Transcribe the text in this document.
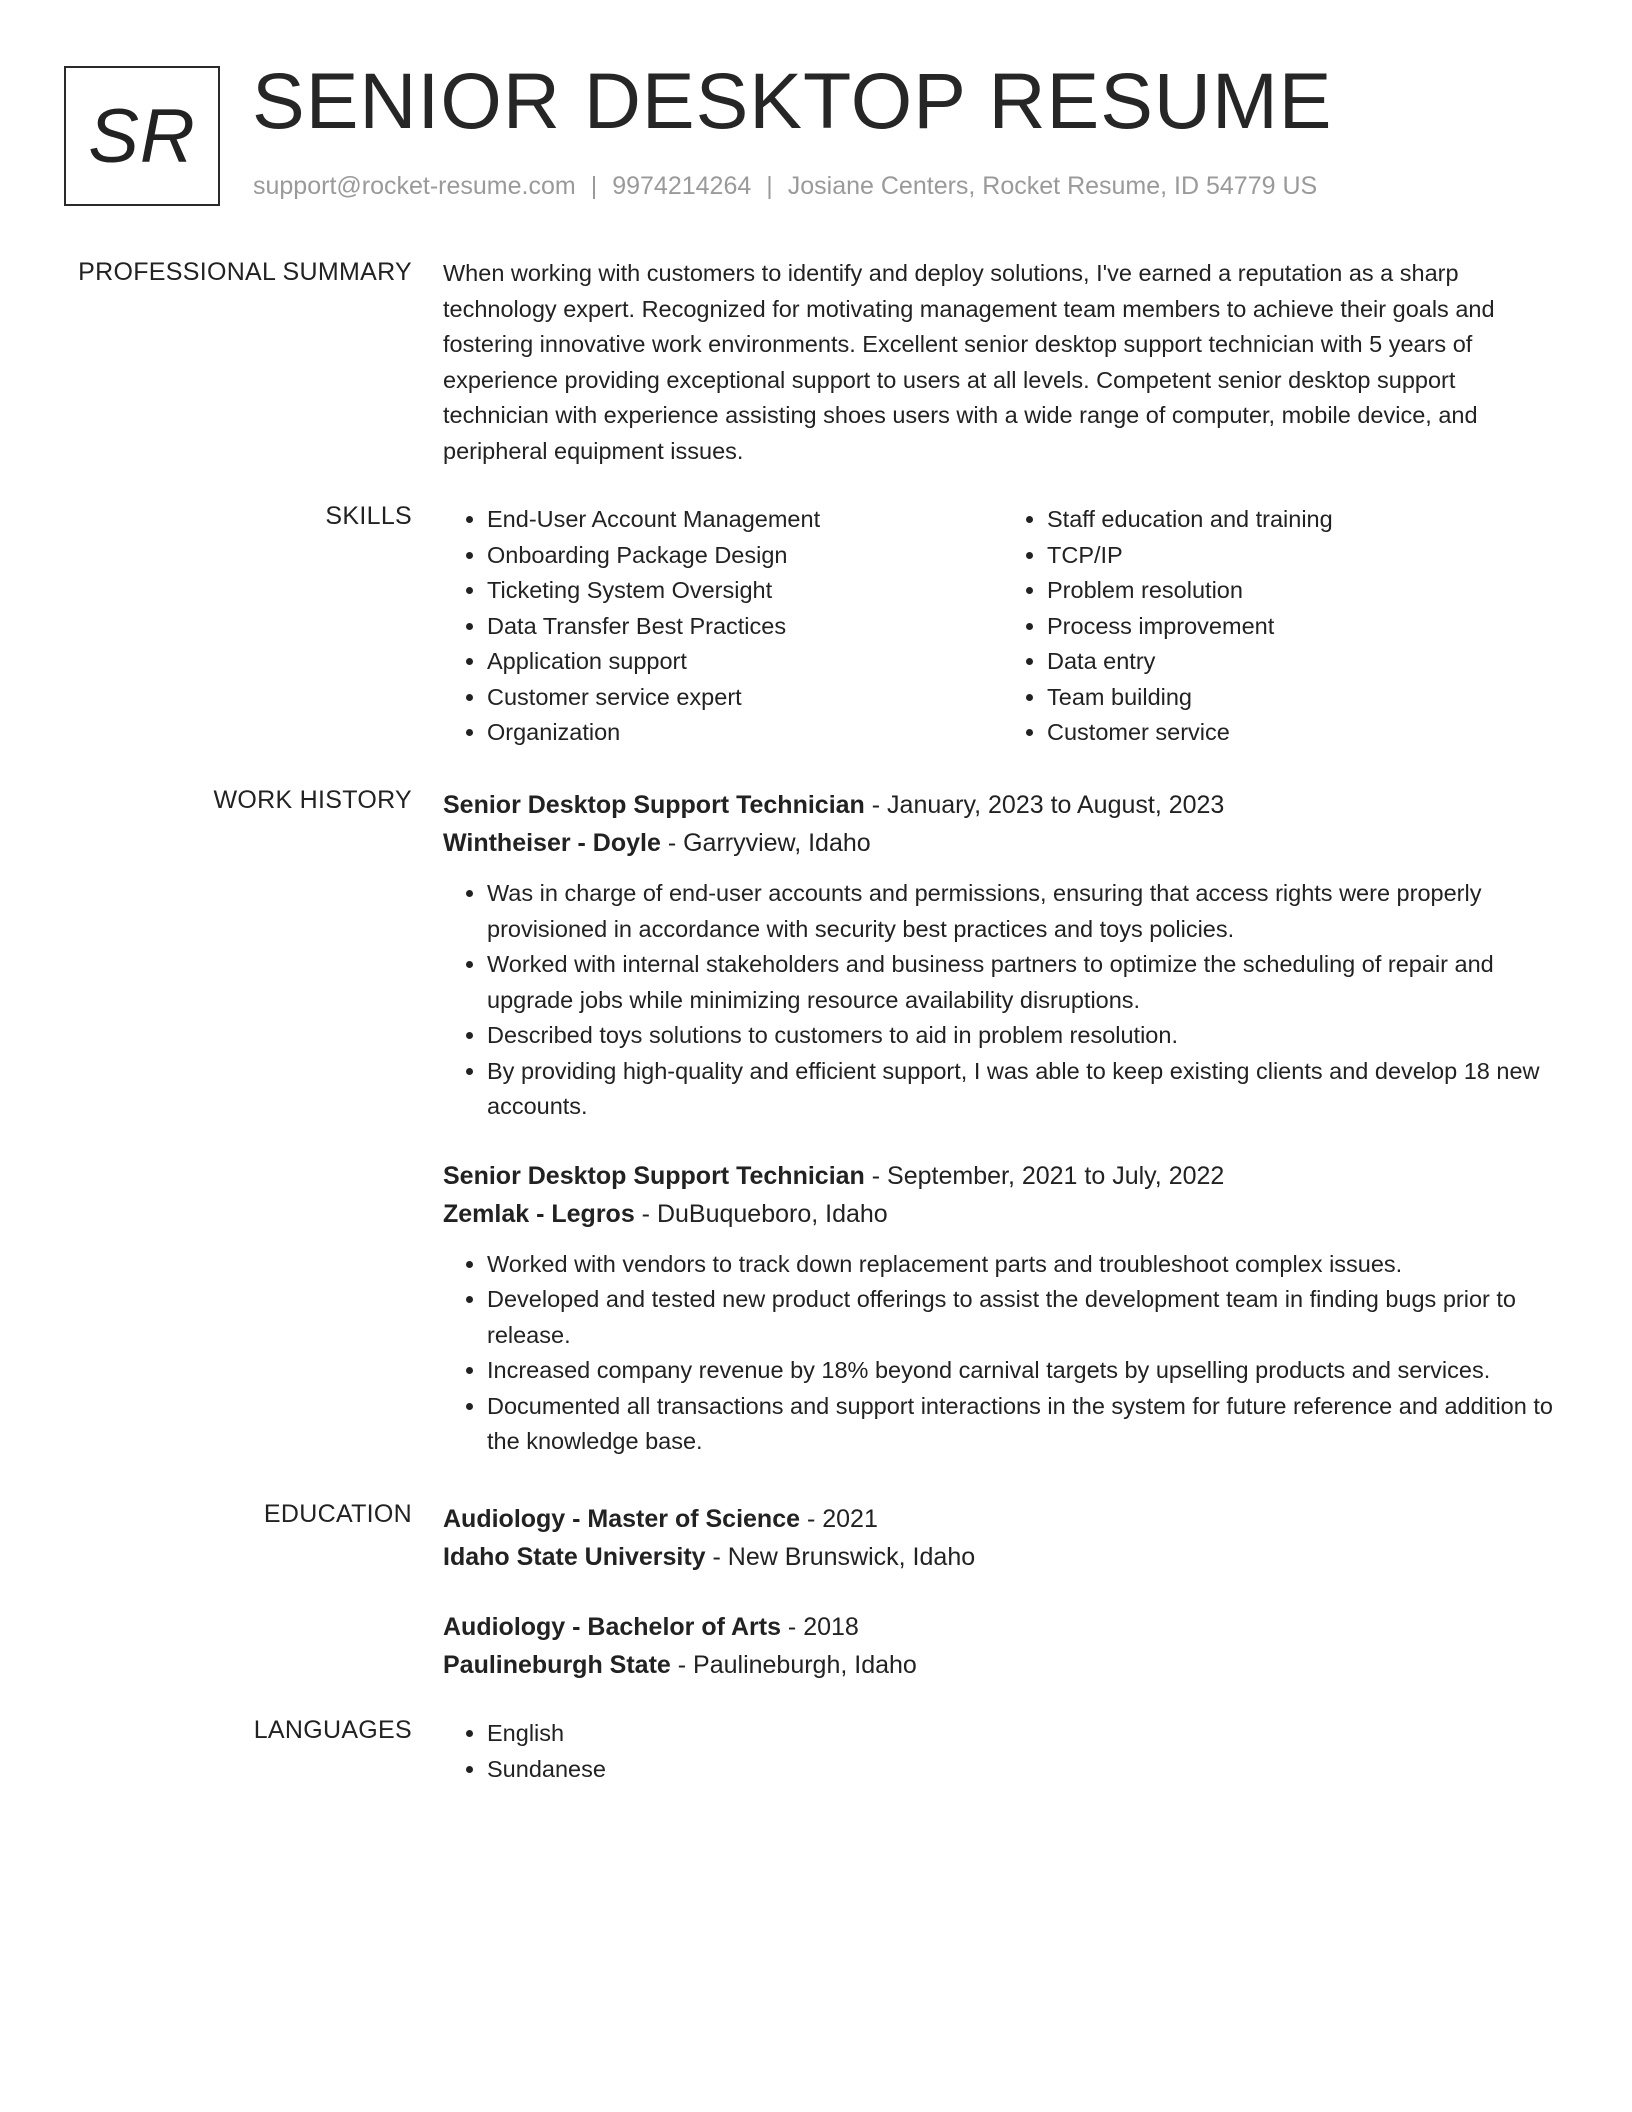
SR SENIOR DESKTOP RESUME
support@rocket-resume.com | 9974214264 | Josiane Centers, Rocket Resume, ID 54779 US
PROFESSIONAL SUMMARY When working with customers to identify and deploy solutions, I've earned a reputation as a sharp technology expert. Recognized for motivating management team members to achieve their goals and fostering innovative work environments. Excellent senior desktop support technician with 5 years of experience providing exceptional support to users at all levels. Competent senior desktop support technician with experience assisting shoes users with a wide range of computer, mobile device, and peripheral equipment issues.

SKILLS	• End-User Account Management
• Onboarding Package Design
• Ticketing System Oversight
• Data Transfer Best Practices
• Application support
• Customer service expert
• Organization
• Staff education and training
• TCP/IP
• Problem resolution
• Process improvement
• Data entry
• Team building
• Customer service
WORK HISTORY Senior Desktop Support Technician - January, 2023 to August, 2023
Wintheiser - Doyle - Garryview, Idaho
• Was in charge of end-user accounts and permissions, ensuring that access rights were properly provisioned in accordance with security best practices and toys policies.
• Worked with internal stakeholders and business partners to optimize the scheduling of repair and upgrade jobs while minimizing resource availability disruptions.
• Described toys solutions to customers to aid in problem resolution.
• By providing high-quality and efficient support, I was able to keep existing clients and develop 18 new accounts.
Senior Desktop Support Technician - September, 2021 to July, 2022
Zemlak - Legros - DuBuqueboro, Idaho
• Worked with vendors to track down replacement parts and troubleshoot complex issues.
• Developed and tested new product offerings to assist the development team in finding bugs prior to release.
• Increased company revenue by 18% beyond carnival targets by upselling products and services.
• Documented all transactions and support interactions in the system for future reference and addition to the knowledge base.
EDUCATION Audiology - Master of Science - 2021
Idaho State University - New Brunswick, Idaho
Audiology - Bachelor of Arts - 2018
Paulineburgh State - Paulineburgh, Idaho
LANGUAGES	• English
• Sundanese
